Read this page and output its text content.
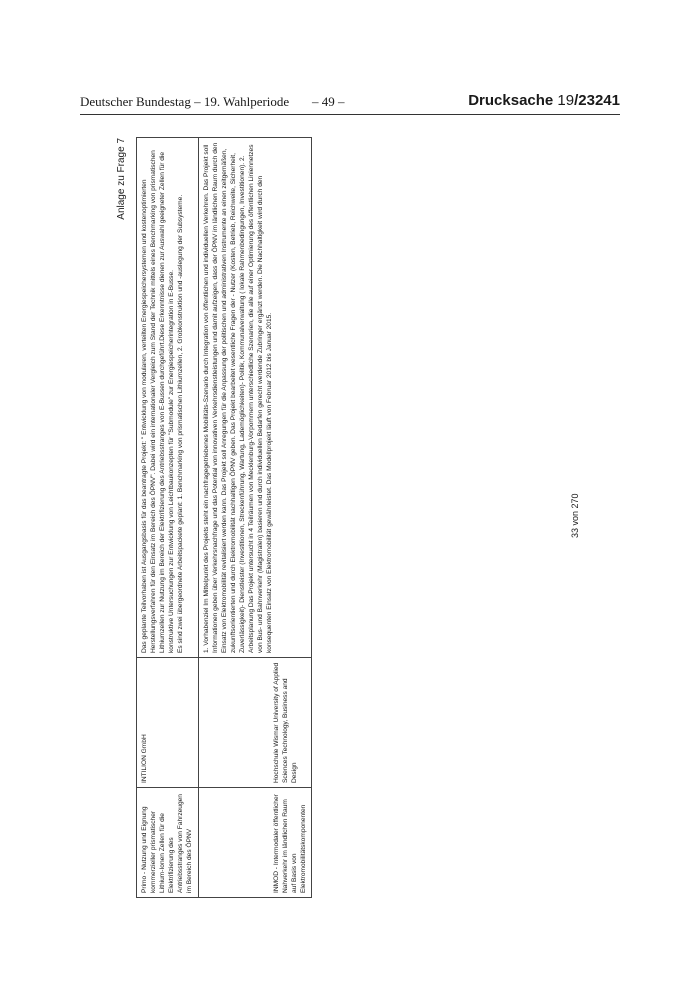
Deutscher Bundestag – 19. Wahlperiode – 49 –	Drucksache 19/23241
Anlage zu Frage 7
Primo - Nutzung und Eignung kommerzieller prismatischer Lithium-Ionen Zellen für die Elektrifizierung des Antriebsstranges von Fahrzeugen im Bereich des ÖPNV	INTILION GmbH	Das geplante Teilvorhaben ist Ausgangsbasis für das beantragte Projekt: " Entwicklung von modularen, verteilten Energiespeichersystemen und kostenoptimierten Herstellungsverfahren für den Einsatz im Bereich des ÖPNV". Dabei wird ein internationaler Vergleich zum Stand der Technik mittels eines Benchmarking von prismatischen Lithiumzellen zur Nutzung im Bereich der Elektrifizierung des Antriebsstranges von E-Bussen durchgeführt.Diese Erkenntnisse dienen zur Auswahl geeigneter Zellen für die konstruktive Untersuchungen zur Entwicklung von Leichtbaukonzepten für "Submodule" zur Energiespeicherintegration in E-Busse. Es sind zwei übergeordnete Arbeitspackete geplant: 1. Benchmarking von prismatischen Lithiumzellen, 2. Grobkonstruktion und -auslegung der Subsysteme.

INMOD - Intermodaler öffentlicher Nahverkehr im ländlichen Raum auf Basis von Elektromobilitätskomponenten	Hochschule Wismar University of Applied Sciences Technology, Business and Design	1. Vorhabenziel Im Mittelpunkt des Projekts steht ein nachfragegetriebenes Mobilitäts-Szenario durch Integration von öffentlichen und individuellen Verkehren. Das Projekt soll Informationen geben über Verkehrsnachfrage und das Potential von innovativen Verkehrsdienstleistungen und damit aufzeigen, dass der ÖPNV im ländlichen Raum durch den Einsatz von Elektromobilität revitalisiert werden kann. Das Projekt soll Anregungen für die Anpassung der politischen und administrativen Instrumente an einen zeitgemäßen, zukunftsorientierten und durch Elektromobilität nachhaltigen ÖPNV geben. Das Projekt bearbeitet wesentliche Fragen der - Nutzer (Kosten, Betrieb, Reichweite, Sicherheit, Zuverlässigkeit)- Dienstleister (Investitionen, Streckenführung, Wartung, Lademöglichkeiten)- Politik, Kommunalverwaltung ( lokale Rahmenbedingungen, Investitionen). 2. Arbeitsplanung Das Projekt untersucht in 4 Teilräumen von Mecklenburg-Vorpommern unterschiedliche Szenarien, die alle auf einer Optimierung des öffentlichen Liniennetzes von Bus- und Bahnverkehr (Magistralen) basieren und durch individuellen Bedarfen gerecht werdende Zubringer ergänzt werden. Die Nachhaltigkeit wird durch den konsequenten Einsatz von Elektromobilität gewährleistet. Das Modellprojekt läuft von Februar 2012 bis Januar 2015.	33 von 270
